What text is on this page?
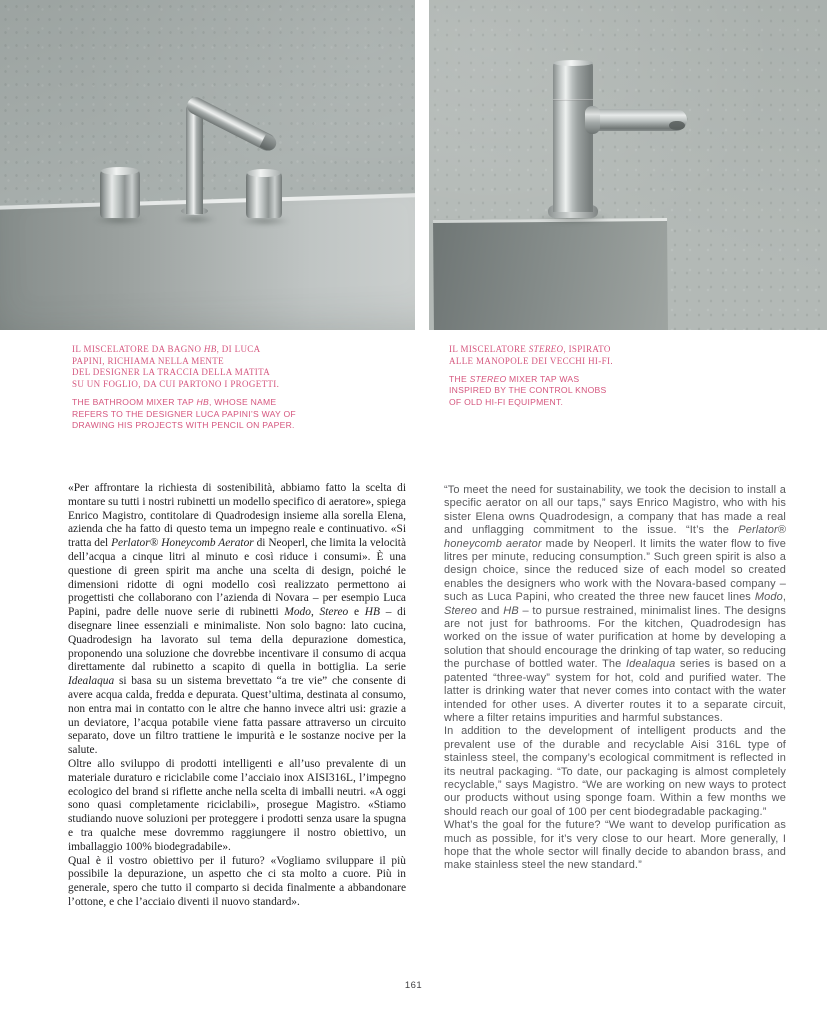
IL MISCELATORE DA BAGNO HB, DI LUCA
PAPINI, RICHIAMA NELLA MENTE
DEL DESIGNER LA TRACCIA DELLA MATITA
SU UN FOGLIO, DA CUI PARTONO I PROGETTI.

THE BATHROOM MIXER TAP HB, WHOSE NAME
REFERS TO THE DESIGNER LUCA PAPINI’S WAY OF
DRAWING HIS PROJECTS WITH PENCIL ON PAPER.

IL MISCELATORE STEREO, ISPIRATO
ALLE MANOPOLE DEI VECCHI HI-FI.

THE STEREO MIXER TAP WAS
INSPIRED BY THE CONTROL KNOBS
OF OLD HI-FI EQUIPMENT.

«Per affrontare la richiesta di sostenibilità, abbiamo fatto la scelta di montare su tutti i nostri rubinetti un modello specifico di aeratore», spiega Enrico Magistro, contitolare di Quadrodesign insieme alla sorella Elena, azienda che ha fatto di questo tema un impegno reale e continuativo. «Si tratta del Perlator® Honeycomb Aerator di Neoperl, che limita la velocità dell’acqua a cinque litri al minuto e così riduce i consumi». È una questione di green spirit ma anche una scelta di design, poiché le dimensioni ridotte di ogni modello così realizzato permettono ai progettisti che collaborano con l’azienda di Novara – per esempio Luca Papini, padre delle nuove serie di rubinetti Modo, Stereo e HB – di disegnare linee essenziali e minimaliste. Non solo bagno: lato cucina, Quadrodesign ha lavorato sul tema della depurazione domestica, proponendo una soluzione che dovrebbe incentivare il consumo di acqua direttamente dal rubinetto a scapito di quella in bottiglia. La serie Idealaqua si basa su un sistema brevettato “a tre vie” che consente di avere acqua calda, fredda e depurata. Quest’ultima, destinata al consumo, non entra mai in contatto con le altre che hanno invece altri usi: grazie a un deviatore, l’acqua potabile viene fatta passare attraverso un circuito separato, dove un filtro trattiene le impurità e le sostanze nocive per la salute.

Oltre allo sviluppo di prodotti intelligenti e all’uso prevalente di un materiale duraturo e riciclabile come l’acciaio inox AISI316L, l’impegno ecologico del brand si riflette anche nella scelta di imballi neutri. «A oggi sono quasi completamente riciclabili», prosegue Magistro. «Stiamo studiando nuove soluzioni per proteggere i prodotti senza usare la spugna e tra qualche mese dovremmo raggiungere il nostro obiettivo, un imballaggio 100% biodegradabile».

Qual è il vostro obiettivo per il futuro? «Vogliamo sviluppare il più possibile la depurazione, un aspetto che ci sta molto a cuore. Più in generale, spero che tutto il comparto si decida finalmente a abbandonare l’ottone, e che l’acciaio diventi il nuovo standard».

“To meet the need for sustainability, we took the decision to install a specific aerator on all our taps,” says Enrico Magistro, who with his sister Elena owns Quadrodesign, a company that has made a real and unflagging commitment to the issue. “It’s the Perlator® honeycomb aerator made by Neoperl. It limits the water flow to five litres per minute, reducing consumption.” Such green spirit is also a design choice, since the reduced size of each model so created enables the designers who work with the Novara-based company – such as Luca Papini, who created the three new faucet lines Modo, Stereo and HB – to pursue restrained, minimalist lines. The designs are not just for bathrooms. For the kitchen, Quadrodesign has worked on the issue of water purification at home by developing a solution that should encourage the drinking of tap water, so reducing the purchase of bottled water. The Idealaqua series is based on a patented “three-way” system for hot, cold and purified water. The latter is drinking water that never comes into contact with the water intended for other uses. A diverter routes it to a separate circuit, where a filter retains impurities and harmful substances.

In addition to the development of intelligent products and the prevalent use of the durable and recyclable Aisi 316L type of stainless steel, the company’s ecological commitment is reflected in its neutral packaging. “To date, our packaging is almost completely recyclable,” says Magistro. “We are working on new ways to protect our products without using sponge foam. Within a few months we should reach our goal of 100 per cent biodegradable packaging.”

What’s the goal for the future? “We want to develop purification as much as possible, for it’s very close to our heart. More generally, I hope that the whole sector will finally decide to abandon brass, and make stainless steel the new standard.”

161
